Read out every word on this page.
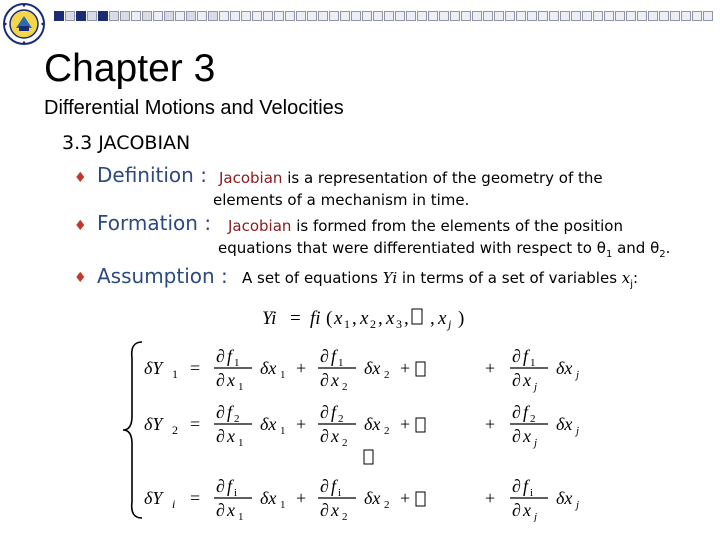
Chapter 3
Differential Motions and Velocities
3.3 JACOBIAN
♦ Definition : Jacobian is a representation of the geometry of the
elements of a mechanism in time.
♦ Formation : Jacobian is formed from the elements of the position
equations that were differentiated with respect to $\theta_1$ and $\theta_2$.
♦ Assumption : A set of equations Yi in terms of a set of variables $x_j$:
Yi = fi ( x 1 , x 2 , x 3 , , x j )
δY 1 =
∂ f 1
∂ x 1
δx 1 +
∂ f 1
∂ x 2
δx 2 +	+
∂ f 1
∂ x j
δx j
δY 2 =
∂ f 2
∂ x 1
δx 1 +
∂ f 2
∂ x 2
δx 2 +	+
∂ f 2
∂ x j
δx j
δY i =
∂ f i
∂ x 1
δx 1 +
∂ f i
∂ x 2
δx 2 +	+
∂ f i
∂ x j
δx j
